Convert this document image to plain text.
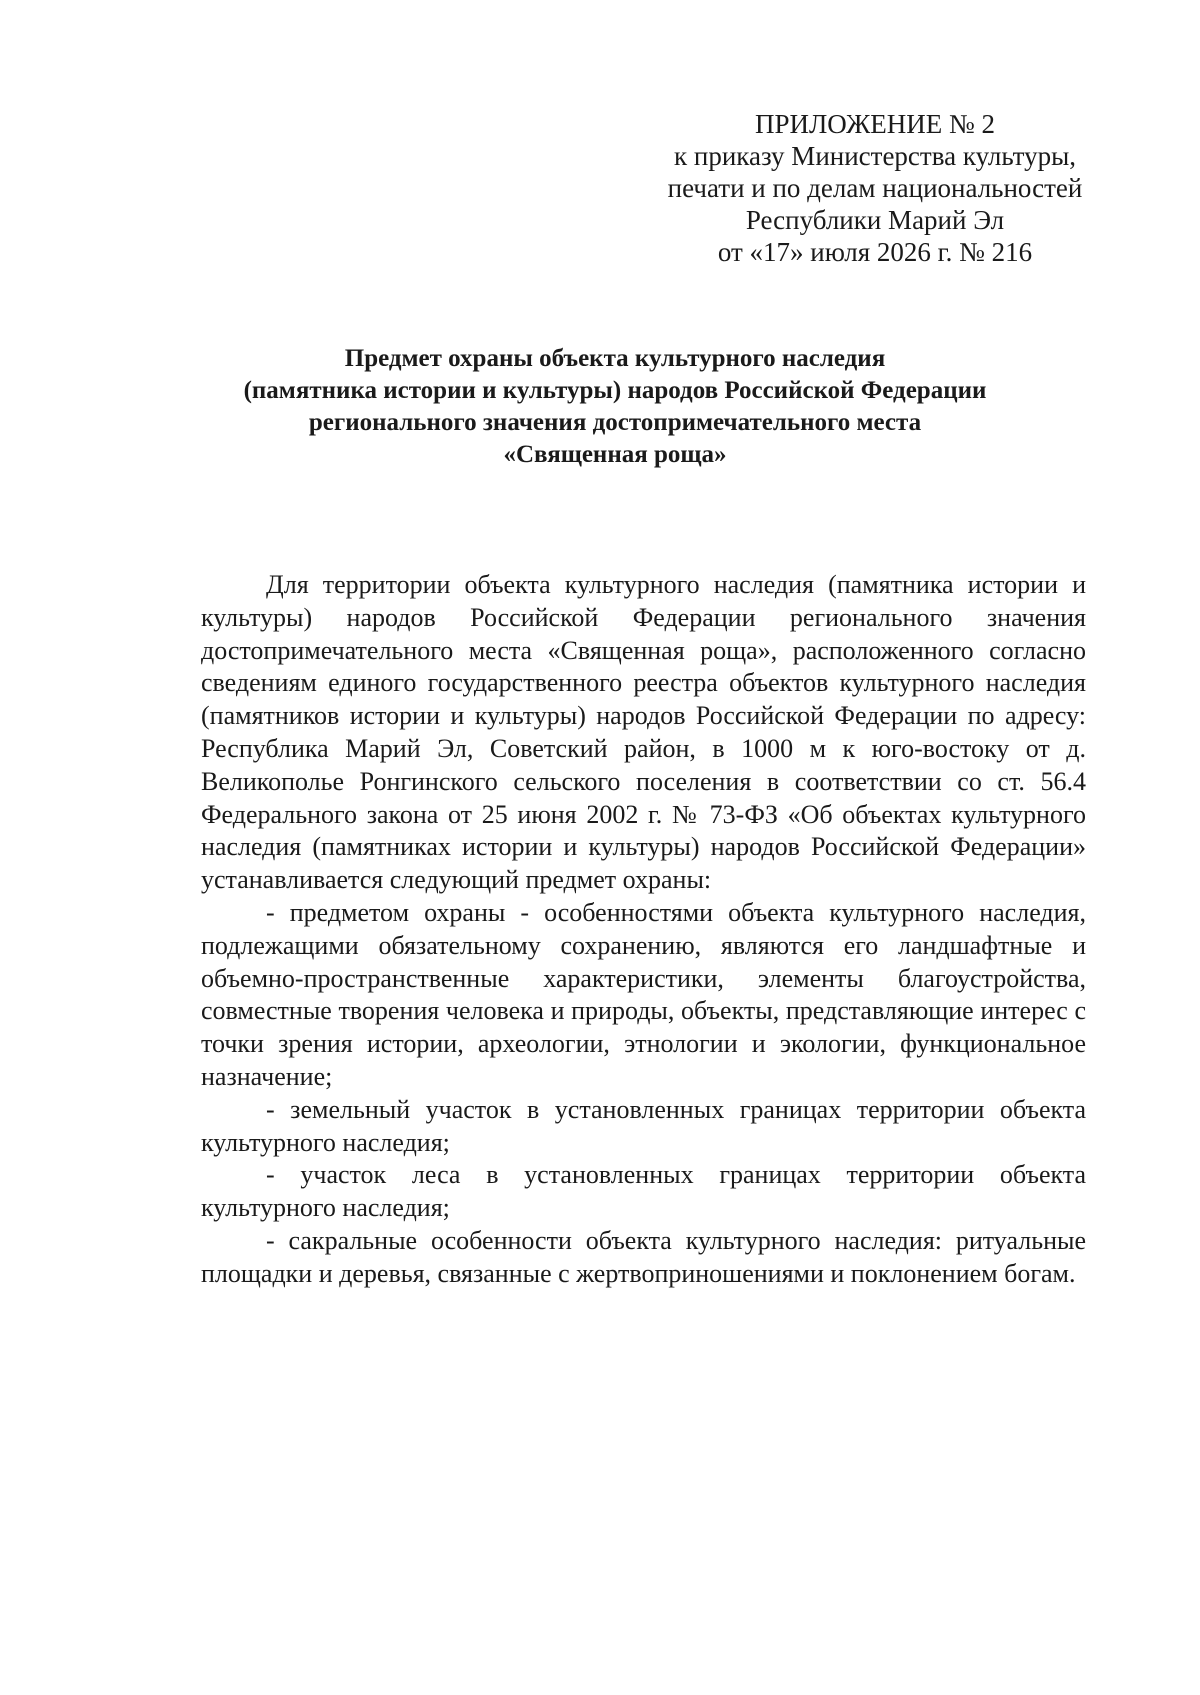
ПРИЛОЖЕНИЕ № 2
к приказу Министерства культуры,
печати и по делам национальностей
Республики Марий Эл
от «17» июля 2026 г. № 216
Предмет охраны объекта культурного наследия
(памятника истории и культуры) народов Российской Федерации
регионального значения достопримечательного места
«Священная роща»

Для территории объекта культурного наследия (памятника истории и культуры) народов Российской Федерации регионального значения достопримечательного места «Священная роща», расположенного согласно сведениям единого государственного реестра объектов культурного наследия (памятников истории и культуры) народов Российской Федерации по адресу: Республика Марий Эл, Советский район, в 1000 м к юго-востоку от д. Великополье Ронгинского сельского поселения в соответствии со ст. 56.4 Федерального закона от 25 июня 2002 г. № 73-ФЗ «Об объектах культурного наследия (памятниках истории и культуры) народов Российской Федерации» устанавливается следующий предмет охраны:

- предметом охраны - особенностями объекта культурного наследия, подлежащими обязательному сохранению, являются его ландшафтные и объемно-пространственные характеристики, элементы благоустройства, совместные творения человека и природы, объекты, представляющие интерес с точки зрения истории, археологии, этнологии и экологии, функциональное назначение;

- земельный участок в установленных границах территории объекта культурного наследия;

- участок леса в установленных границах территории объекта культурного наследия;

- сакральные особенности объекта культурного наследия: ритуальные площадки и деревья, связанные с жертвоприношениями и поклонением богам.
